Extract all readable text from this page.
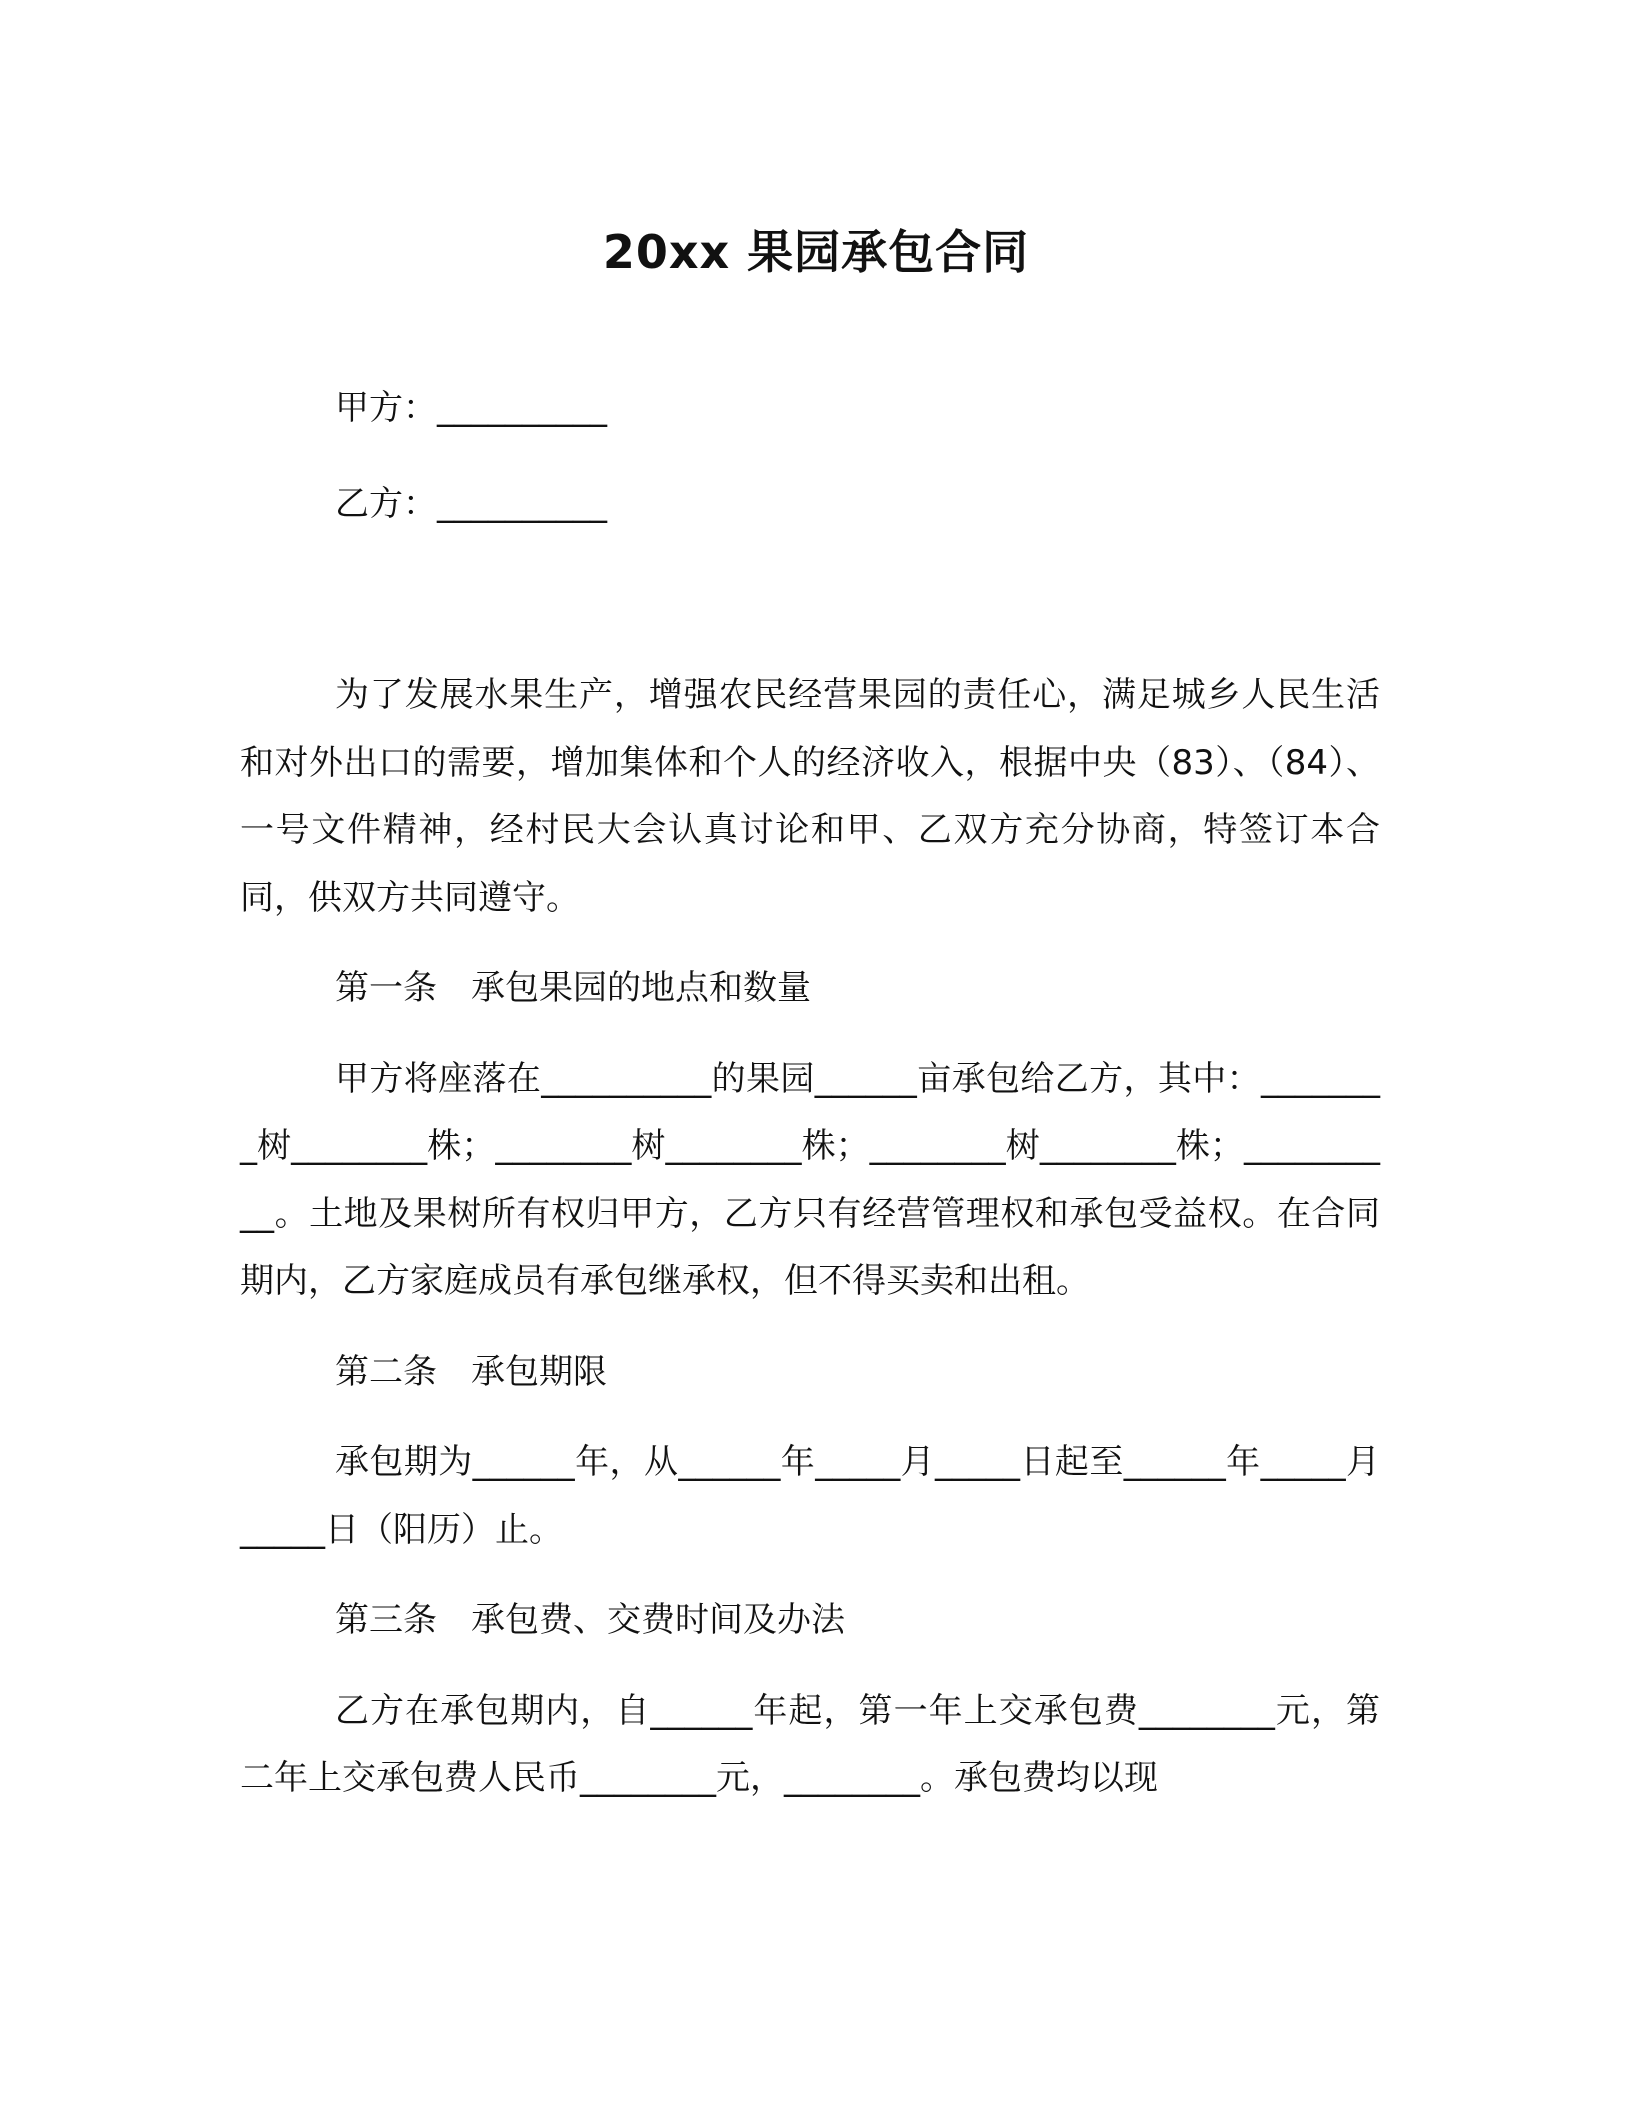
20xx 果园承包合同
甲方：__________
乙方：__________

为了发展水果生产，增强农民经营果园的责任心，满足城乡人民生活和对外出口的需要，增加集体和个人的经济收入，根据中央（83）、（84）、一号文件精神，经村民大会认真讨论和甲、乙双方充分协商，特签订本合同，供双方共同遵守。

第一条　承包果园的地点和数量

甲方将座落在__________的果园______亩承包给乙方，其中：________树________株；________树________株；________树________株；__________。土地及果树所有权归甲方，乙方只有经营管理权和承包受益权。在合同期内，乙方家庭成员有承包继承权，但不得买卖和出租。

第二条　承包期限

承包期为______年，从______年_____月_____日起至______年_____月_____日（阳历）止。

第三条　承包费、交费时间及办法

乙方在承包期内，自______年起，第一年上交承包费________元，第二年上交承包费人民币________元，________。承包费均以现
